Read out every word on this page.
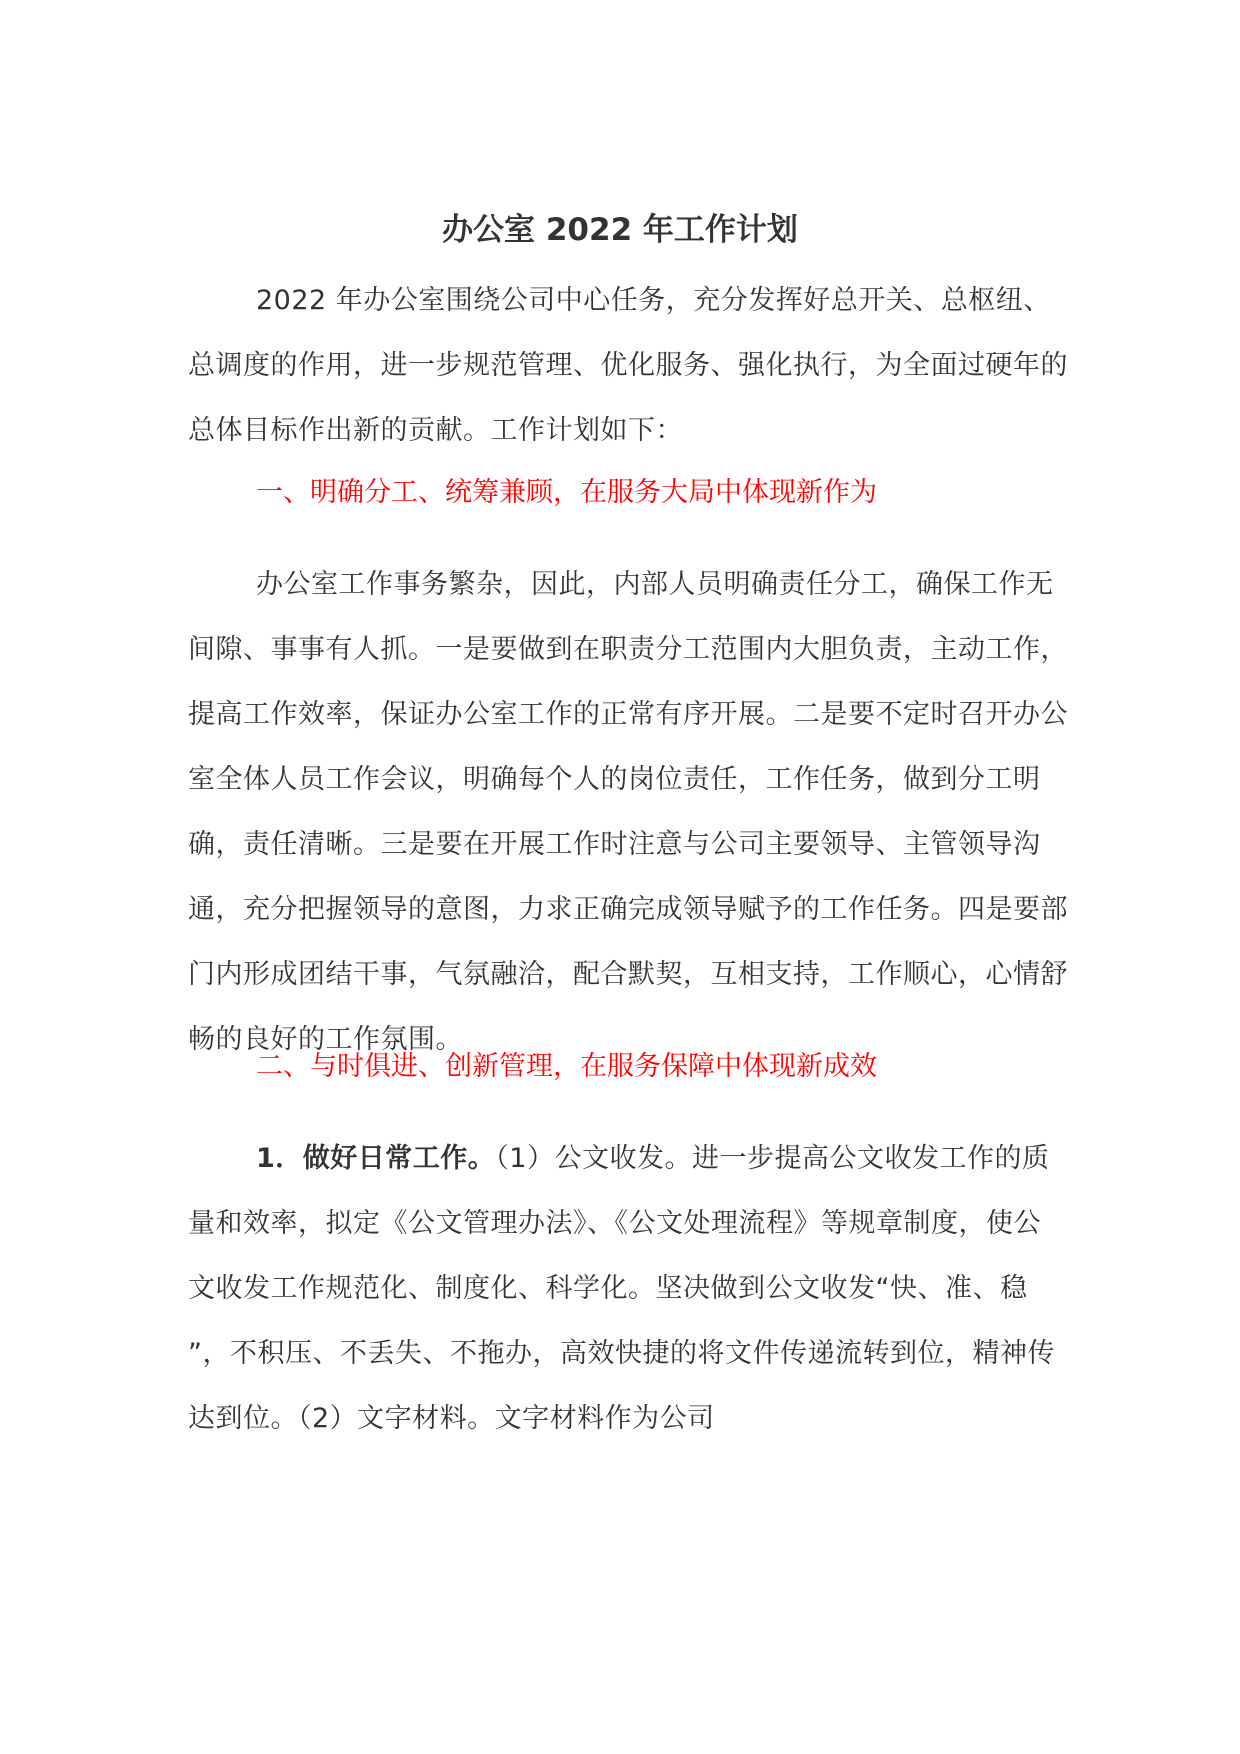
办公室 2022 年工作计划

2022 年办公室围绕公司中心任务，充分发挥好总开关、总枢纽、总调度的作用，进一步规范管理、优化服务、强化执行，为全面过硬年的总体目标作出新的贡献。工作计划如下：

一、明确分工、统筹兼顾，在服务大局中体现新作为

办公室工作事务繁杂，因此，内部人员明确责任分工，确保工作无间隙、事事有人抓。一是要做到在职责分工范围内大胆负责，主动工作，提高工作效率，保证办公室工作的正常有序开展。二是要不定时召开办公室全体人员工作会议，明确每个人的岗位责任，工作任务，做到分工明确，责任清晰。三是要在开展工作时注意与公司主要领导、主管领导沟通，充分把握领导的意图，力求正确完成领导赋予的工作任务。四是要部门内形成团结干事，气氛融洽，配合默契，互相支持，工作顺心，心情舒畅的良好的工作氛围。

二、与时俱进、创新管理，在服务保障中体现新成效

1．做好日常工作。（1）公文收发。进一步提高公文收发工作的质量和效率，拟定《公文管理办法》、《公文处理流程》等规章制度，使公文收发工作规范化、制度化、科学化。坚决做到公文收发“快、准、稳 ”，不积压、不丢失、不拖办，高效快捷的将文件传递流转到位，精神传达到位。（2）文字材料。文字材料作为公司
